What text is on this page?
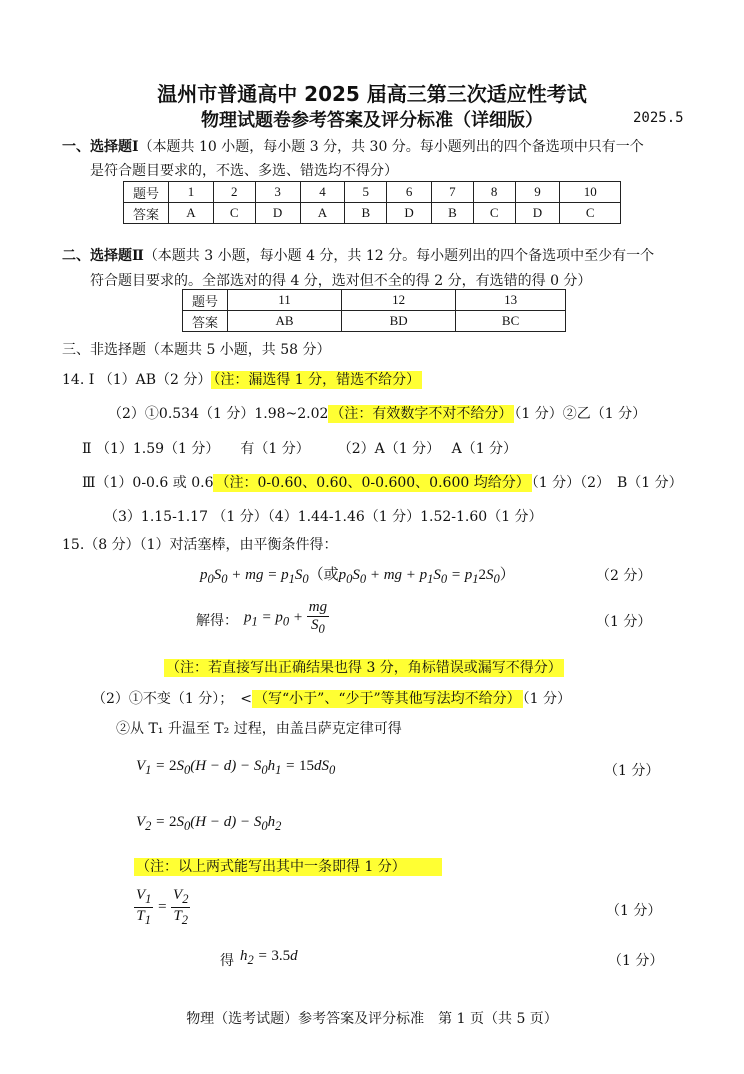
温州市普通高中 2025 届高三第三次适应性考试
物理试题卷参考答案及评分标准（详细版）	2025.5
一、选择题Ⅰ（本题共 10 小题，每小题 3 分，共 30 分。每小题列出的四个备选项中只有一个
是符合题目要求的，不选、多选、错选均不得分）
题号	1	2	3	4	5	6	7	8	9	10
答案	A	C	D	A	B	D	B	C	D	C
二、选择题Ⅱ（本题共 3 小题，每小题 4 分，共 12 分。每小题列出的四个备选项中至少有一个
符合题目要求的。全部选对的得 4 分，选对但不全的得 2 分，有选错的得 0 分）
题号	11	12	13
答案	AB	BD	BC
三、非选择题（本题共 5 小题，共 58 分）
14. Ⅰ （1）AB（2 分） （注：漏选得 1 分，错选不给分）
（2）①0.534（1 分）1.98~2.02 （注：有效数字不对不给分） （1 分）②乙（1 分）
Ⅱ （1）1.59（1 分）　　有（1 分）　　　（2）A（1 分）　 A（1 分）
Ⅲ（1）0-0.6 或 0.6 （注：0-0.60、0.60、0-0.600、0.600 均给分） （1 分）（2）　B（1 分）
（3）1.15-1.17 （1 分）（4）1.44-1.46（1 分）1.52-1.60（1 分）
15.（8 分）（1）对活塞棒，由平衡条件得：
$p_0S_0$ + mg = $p_1S_0$（或$p_0S_0$ + mg + $p_1S_0 = p_12S_0$）	（2 分）
解得： $p_1 = p_0 + \frac{mg}{S_0}$	（1 分）
（注：若直接写出正确结果也得 3 分，角标错误或漏写不得分）
（2）①不变（1 分）；　< （写“小于”、“少于”等其他写法均不给分） （1 分）
②从 T₁ 升温至 T₂ 过程，由盖吕萨克定律可得
$V_1 = 2S_0(H - d) - S_0h_1 = 15dS_0$	（1 分）
$V_2 = 2S_0(H - d) - S_0h_2$
（注：以上两式能写出其中一条即得 1 分）
$\frac{V_1}{T_1} = \frac{V_2}{T_2}$	（1 分）
得 $h_2 = 3.5d$	（1 分）
物理（选考试题）参考答案及评分标准　第 1 页（共 5 页）
